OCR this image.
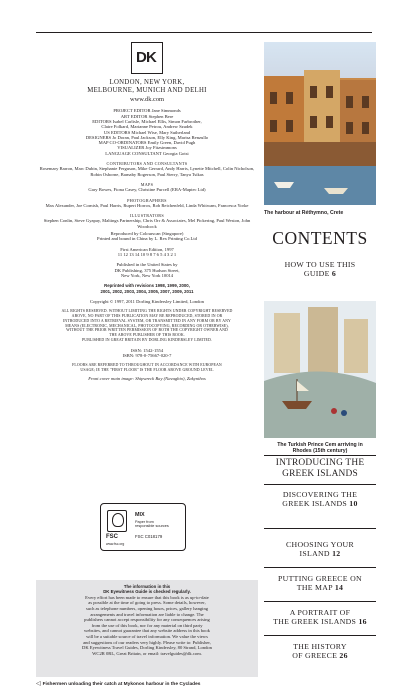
D K
LONDON, NEW YORK,
MELBOURNE, MUNICH AND DELHI
www.dk.com
PROJECT EDITOR Jane Simmonds
ART EDITOR Stephen Bere
EDITORS Isabel Carlisle, Michael Ellis, Simon Farbrother,
Claire Folkard, Marianne Petrou, Andrew Szudek
US EDITORS Michael Wise, Mary Sutherland
DESIGNERS Jo Doran, Paul Jackson, Elly King, Marisa Renzullo
MAP CO-ORDINATORS Emily Green, David Pugh
VISUALIZER Joy Fitzsimmons
LANGUAGE CONSULTANT Georgia Gotsi
CONTRIBUTORS AND CONSULTANTS
Rosemary Barron, Marc Dubin, Stephanie Ferguson, Mike Gerrard, Andy Harris, Lynette Mitchell, Colin Nicholson, Robin Osborne, Barnaby Rogerson, Paul Sterry, Tanya Tsikas
MAPS
Gary Bowes, Fiona Casey, Christine Purcell (ERA-Maptec Ltd)
PHOTOGRAPHERS
Max Alexander, Joe Cornish, Paul Harris, Rupert Horrox, Rob Reichenfeld, Linda Whitwam, Francesca Yorke
ILLUSTRATORS
Stephen Conlin, Steve Gyapay, Maltings Partnership, Chris Orr & Associates, Mel Pickering, Paul Weston, John Woodcock
Reproduced by Colourscan (Singapore)
Printed and bound in China by L. Rex Printing Co.Ltd
First American Edition, 1997
11 12 13 14 10 9 8 7 6 5 4 3 2 1
Published in the United States by
DK Publishing, 375 Hudson Street,
New York, New York 10014
Reprinted with revisions 1998, 1999, 2000,
2001, 2002, 2003, 2004, 2005, 2007, 2009, 2011
Copyright © 1997, 2011 Dorling Kindersley Limited, London
ALL RIGHTS RESERVED. WITHOUT LIMITING THE RIGHTS UNDER COPYRIGHT RESERVED
ABOVE, NO PART OF THIS PUBLICATION MAY BE REPRODUCED, STORED IN OR
INTRODUCED INTO A RETRIEVAL SYSTEM, OR TRANSMITTED IN ANY FORM OR BY ANY
MEANS (ELECTRONIC, MECHANICAL, PHOTOCOPYING, RECORDING OR OTHERWISE),
WITHOUT THE PRIOR WRITTEN PERMISSION OF BOTH THE COPYRIGHT OWNER AND
THE ABOVE PUBLISHER OF THIS BOOK.
PUBLISHED IN GREAT BRITAIN BY DORLING KINDERSLEY LIMITED.
ISSN: 1542-1554
ISBN: 978-0-75667-020-7
FLOORS ARE REFERRED TO THROUGHOUT IN ACCORDANCE WITH EUROPEAN
USAGE; IE THE "FIRST FLOOR" IS THE FLOOR ABOVE GROUND LEVEL
Front cover main image: Shipwreck Bay (Navagbio), Zakynthos
FSC
www.fsc.org
MIX
Paper from
responsible sources
FSC C018179
The information in this
DK Eyewitness Guide is checked regularly.
Every effort has been made to ensure that this book is as up-to-date
as possible at the time of going to press. Some details, however,
such as telephone numbers, opening hours, prices, gallery hanging
arrangements and travel information are liable to change. The
publishers cannot accept responsibility for any consequences arising
from the use of this book, nor for any material on third party
websites, and cannot guarantee that any website address in this book
will be a suitable source of travel information. We value the views
and suggestions of our readers very highly. Please write to: Publisher,
DK Eyewitness Travel Guides, Dorling Kindersley, 80 Strand, London
WC2R 0RL, Great Britain, or email: travelguides@dk.com.
◁ Fishermen unloading their catch at Mykonos harbour in the Cyclades
The harbour at Réthymno, Crete
CONTENTS
HOW TO USE THIS
GUIDE 6
The Turkish Prince Cem arriving in
Rhodes (15th century)
INTRODUCING THE
GREEK ISLANDS
DISCOVERING THE
GREEK ISLANDS 10
CHOOSING YOUR
ISLAND 12
PUTTING GREECE ON
THE MAP 14
A PORTRAIT OF
THE GREEK ISLANDS 16
THE HISTORY
OF GREECE 26
